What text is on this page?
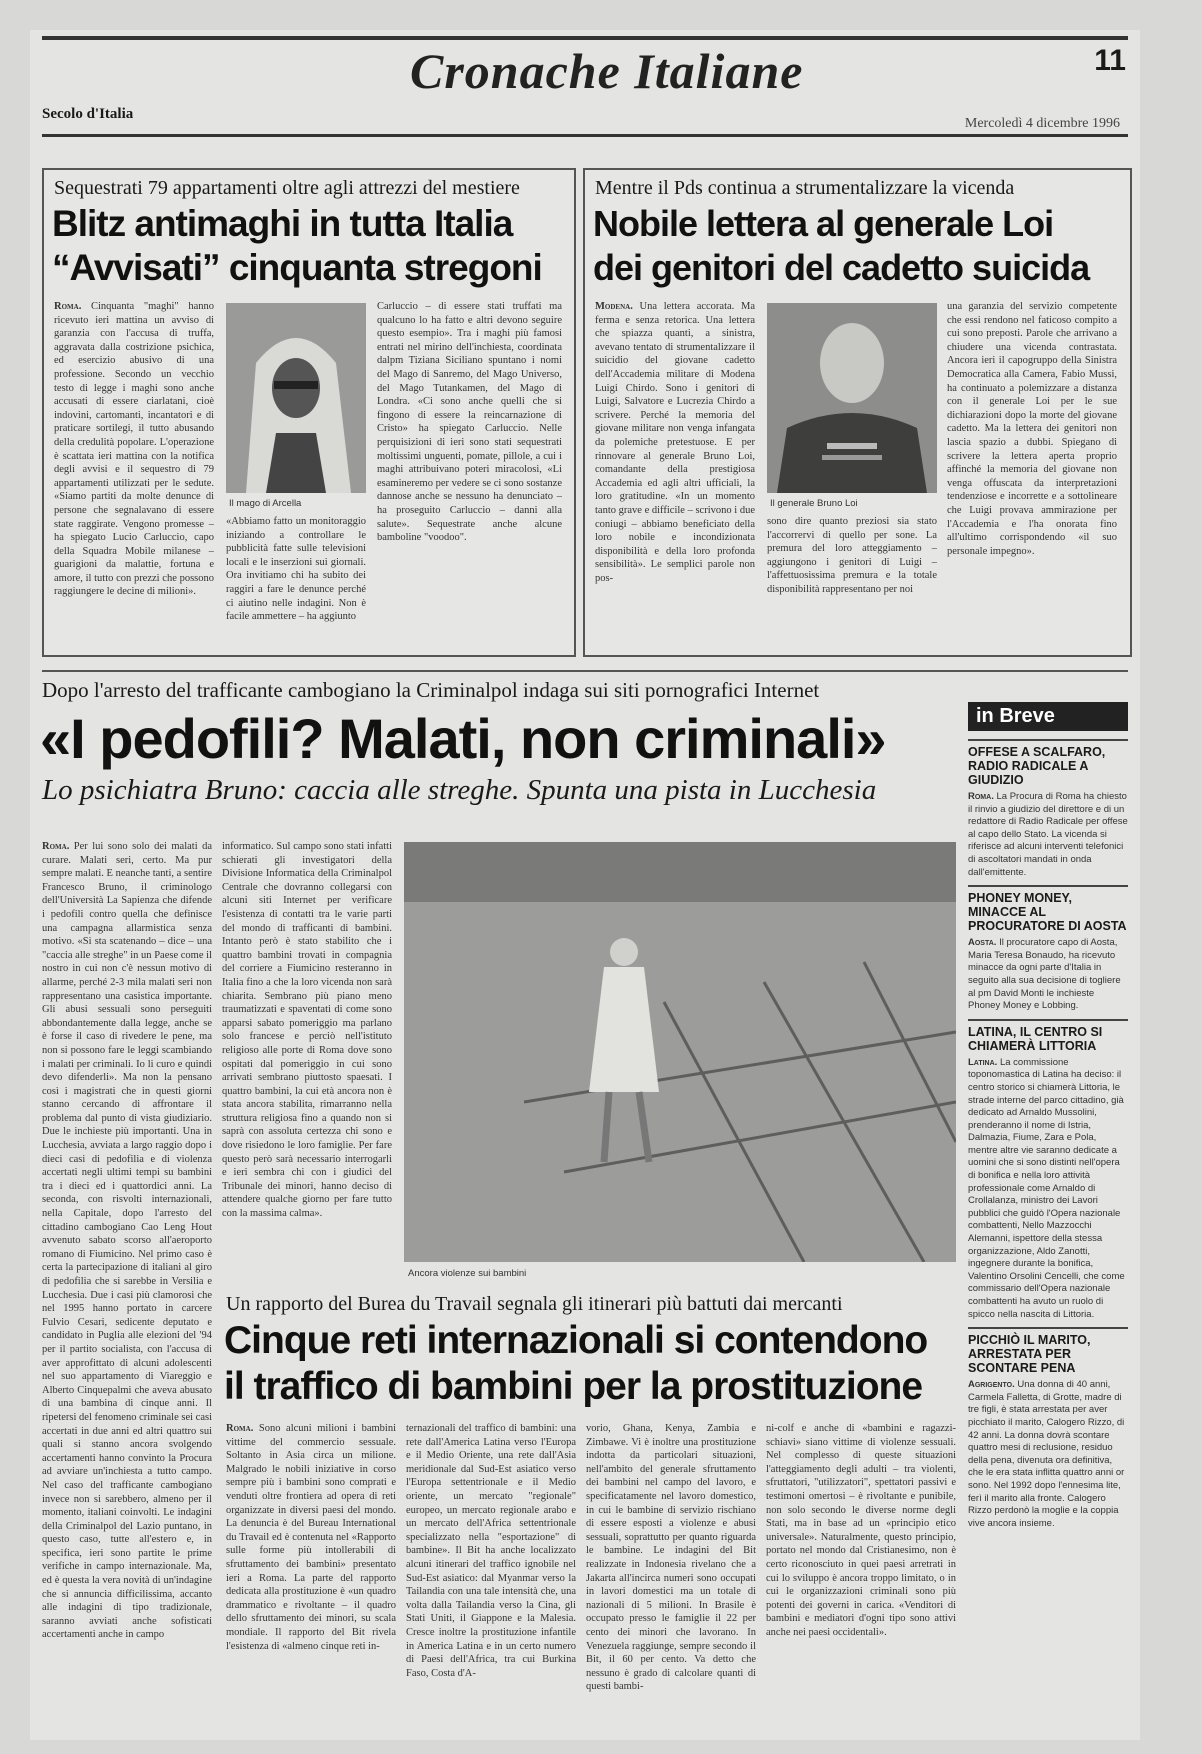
Cronache Italiane	11
Secolo d'Italia
Mercoledì 4 dicembre 1996

Sequestrati 79 appartamenti oltre agli attrezzi del mestiere

Blitz antimaghi in tutta Italia

“Avvisati” cinquanta stregoni

Roma. Cinquanta "maghi" hanno ricevuto ieri mattina un avviso di garanzia con l'accusa di truffa, aggravata dalla costrizione psichica, ed esercizio abusivo di una professione. Secondo un vecchio testo di legge i maghi sono anche accusati di essere ciarlatani, cioè indovini, cartomanti, incantatori e di praticare sortilegi, il tutto abusando della credulità popolare. L'operazione è scattata ieri mattina con la notifica degli avvisi e il sequestro di 79 appartamenti utilizzati per le sedute. «Siamo partiti da molte denunce di persone che segnalavano di essere state raggirate. Vengono promesse – ha spiegato Lucio Carluccio, capo della Squadra Mobile milanese – guarigioni da malattie, fortuna e amore, il tutto con prezzi che possono raggiungere le decine di milioni».
Il mago di Arcella
«Abbiamo fatto un monitoraggio iniziando a controllare le pubblicità fatte sulle televisioni locali e le inserzioni sui giornali. Ora invitiamo chi ha subito dei raggiri a fare le denunce perché ci aiutino nelle indagini. Non è facile ammettere – ha aggiunto
Carluccio – di essere stati truffati ma qualcuno lo ha fatto e altri devono seguire questo esempio». Tra i maghi più famosi entrati nel mirino dell'inchiesta, coordinata dalpm Tiziana Siciliano spuntano i nomi del Mago di Sanremo, del Mago Universo, del Mago Tutankamen, del Mago di Londra. «Ci sono anche quelli che si fingono di essere la reincarnazione di Cristo» ha spiegato Carluccio. Nelle perquisizioni di ieri sono stati sequestrati moltissimi unguenti, pomate, pillole, a cui i maghi attribuivano poteri miracolosi, «Li esamineremo per vedere se ci sono sostanze dannose anche se nessuno ha denunciato – ha proseguito Carluccio – danni alla salute». Sequestrate anche alcune bamboline "voodoo".

Mentre il Pds continua a strumentalizzare la vicenda

Nobile lettera al generale Loi

dei genitori del cadetto suicida

Modena. Una lettera accorata. Ma ferma e senza retorica. Una lettera che spiazza quanti, a sinistra, avevano tentato di strumentalizzare il suicidio del giovane cadetto dell'Accademia militare di Modena Luigi Chirdo. Sono i genitori di Luigi, Salvatore e Lucrezia Chirdo a scrivere. Perché la memoria del giovane militare non venga infangata da polemiche pretestuose. E per rinnovare al generale Bruno Loi, comandante della prestigiosa Accademia ed agli altri ufficiali, la loro gratitudine. «In un momento tanto grave e difficile – scrivono i due coniugi – abbiamo beneficiato della loro nobile e incondizionata disponibilità e della loro profonda sensibilità». Le semplici parole non pos-
Il generale Bruno Loi
sono dire quanto preziosi sia stato l'accorrervi di quello per sone. La premura del loro atteggiamento – aggiungono i genitori di Luigi – l'affettuosissima premura e la totale disponibilità rappresentano per noi
una garanzia del servizio competente che essi rendono nel faticoso compito a cui sono preposti. Parole che arrivano a chiudere una vicenda contrastata. Ancora ieri il capogruppo della Sinistra Democratica alla Camera, Fabio Mussi, ha continuato a polemizzare a distanza con il generale Loi per le sue dichiarazioni dopo la morte del giovane cadetto. Ma la lettera dei genitori non lascia spazio a dubbi. Spiegano di scrivere la lettera aperta proprio affinché la memoria del giovane non venga offuscata da interpretazioni tendenziose e incorrette e a sottolineare che Luigi provava ammirazione per l'Accademia e l'ha onorata fino all'ultimo corrispondendo «il suo personale impegno».

Dopo l'arresto del trafficante cambogiano la Criminalpol indaga sui siti pornografici Internet

«I pedofili? Malati, non criminali»

Lo psichiatra Bruno: caccia alle streghe. Spunta una pista in Lucchesia

Roma. Per lui sono solo dei malati da curare. Malati seri, certo. Ma pur sempre malati. E neanche tanti, a sentire Francesco Bruno, il criminologo dell'Università La Sapienza che difende i pedofili contro quella che definisce una campagna allarmistica senza motivo. «Si sta scatenando – dice – una "caccia alle streghe" in un Paese come il nostro in cui non c'è nessun motivo di allarme, perché 2-3 mila malati seri non rappresentano una casistica importante. Gli abusi sessuali sono perseguiti abbondantemente dalla legge, anche se è forse il caso di rivedere le pene, ma non si possono fare le leggi scambiando i malati per criminali. Io li curo e quindi devo difenderli». Ma non la pensano così i magistrati che in questi giorni stanno cercando di affrontare il problema dal punto di vista giudiziario. Due le inchieste più importanti. Una in Lucchesia, avviata a largo raggio dopo i dieci casi di pedofilia e di violenza accertati negli ultimi tempi su bambini tra i dieci ed i quattordici anni. La seconda, con risvolti internazionali, nella Capitale, dopo l'arresto del cittadino cambogiano Cao Leng Hout avvenuto sabato scorso all'aeroporto romano di Fiumicino. Nel primo caso è certa la partecipazione di italiani al giro di pedofilia che si sarebbe in Versilia e Lucchesia. Due i casi più clamorosi che nel 1995 hanno portato in carcere Fulvio Cesari, sedicente deputato e candidato in Puglia alle elezioni del '94 per il partito socialista, con l'accusa di aver approfittato di alcuni adolescenti nel suo appartamento di Viareggio e Alberto Cinquepalmi che aveva abusato di una bambina di cinque anni. Il ripetersi del fenomeno criminale sei casi accertati in due anni ed altri quattro sui quali si stanno ancora svolgendo accertamenti hanno convinto la Procura ad avviare un'inchiesta a tutto campo. Nel caso del trafficante cambogiano invece non si sarebbero, almeno per il momento, italiani coinvolti. Le indagini della Criminalpol del Lazio puntano, in questo caso, tutte all'estero e, in specifica, ieri sono partite le prime verifiche in campo internazionale. Ma, ed è questa la vera novità di un'indagine che si annuncia difficilissima, accanto alle indagini di tipo tradizionale, saranno avviati anche sofisticati accertamenti anche in campo
informatico. Sul campo sono stati infatti schierati gli investigatori della Divisione Informatica della Criminalpol Centrale che dovranno collegarsi con alcuni siti Internet per verificare l'esistenza di contatti tra le varie parti del mondo di trafficanti di bambini. Intanto però è stato stabilito che i quattro bambini trovati in compagnia del corriere a Fiumicino resteranno in Italia fino a che la loro vicenda non sarà chiarita. Sembrano più piano meno traumatizzati e spaventati di come sono apparsi sabato pomeriggio ma parlano solo francese e perciò nell'istituto religioso alle porte di Roma dove sono ospitati dal pomeriggio in cui sono arrivati sembrano piuttosto spaesati. I quattro bambini, la cui età ancora non è stata ancora stabilita, rimarranno nella struttura religiosa fino a quando non si saprà con assoluta certezza chi sono e dove risiedono le loro famiglie. Per fare questo però sarà necessario interrogarli e ieri sembra chi con i giudici del Tribunale dei minori, hanno deciso di attendere qualche giorno per fare tutto con la massima calma».
Ancora violenze sui bambini

Un rapporto del Burea du Travail segnala gli itinerari più battuti dai mercanti

Cinque reti internazionali si contendono

il traffico di bambini per la prostituzione

Roma. Sono alcuni milioni i bambini vittime del commercio sessuale. Soltanto in Asia circa un milione. Malgrado le nobili iniziative in corso sempre più i bambini sono comprati e venduti oltre frontiera ad opera di reti organizzate in diversi paesi del mondo. La denuncia è del Bureau International du Travail ed è contenuta nel «Rapporto sulle forme più intollerabili di sfruttamento dei bambini» presentato ieri a Roma. La parte del rapporto dedicata alla prostituzione è «un quadro drammatico e rivoltante – il quadro dello sfruttamento dei minori, su scala mondiale. Il rapporto del Bit rivela l'esistenza di «almeno cinque reti in-
ternazionali del traffico di bambini: una rete dall'America Latina verso l'Europa e il Medio Oriente, una rete dall'Asia meridionale dal Sud-Est asiatico verso l'Europa settentrionale e il Medio oriente, un mercato "regionale" europeo, un mercato regionale arabo e un mercato dell'Africa settentrionale specializzato nella "esportazione" di bambine». Il Bit ha anche localizzato alcuni itinerari del traffico ignobile nel Sud-Est asiatico: dal Myanmar verso la Tailandia con una tale intensità che, una volta dalla Tailandia verso la Cina, gli Stati Uniti, il Giappone e la Malesia. Cresce inoltre la prostituzione infantile in America Latina e in un certo numero di Paesi dell'Africa, tra cui Burkina Faso, Costa d'A-
vorio, Ghana, Kenya, Zambia e Zimbawe. Vi è inoltre una prostituzione indotta da particolari situazioni, nell'ambito del generale sfruttamento dei bambini nel campo del lavoro, e specificatamente nel lavoro domestico, in cui le bambine di servizio rischiano di essere esposti a violenze e abusi sessuali, soprattutto per quanto riguarda le bambine. Le indagini del Bit realizzate in Indonesia rivelano che a Jakarta all'incirca numeri sono occupati in lavori domestici ma un totale di nazionali di 5 milioni. In Brasile è occupato presso le famiglie il 22 per cento dei minori che lavorano. In Venezuela raggiunge, sempre secondo il Bit, il 60 per cento. Va detto che nessuno è grado di calcolare quanti di questi bambi-
ni-colf e anche di «bambini e ragazzi-schiavi» siano vittime di violenze sessuali. Nel complesso di queste situazioni l'atteggiamento degli adulti – tra violenti, sfruttatori, "utilizzatori", spettatori passivi e testimoni omertosi – è rivoltante e punibile, non solo secondo le diverse norme degli Stati, ma in base ad un «principio etico universale». Naturalmente, questo principio, portato nel mondo dal Cristianesimo, non è certo riconosciuto in quei paesi arretrati in cui lo sviluppo è ancora troppo limitato, o in cui le organizzazioni criminali sono più potenti dei governi in carica. «Venditori di bambini e mediatori d'ogni tipo sono attivi anche nei paesi occidentali».
in Breve
OFFESE A SCALFARO, RADIO RADICALE A GIUDIZIO

Roma. La Procura di Roma ha chiesto il rinvio a giudizio del direttore e di un redattore di Radio Radicale per offese al capo dello Stato. La vicenda si riferisce ad alcuni interventi telefonici di ascoltatori mandati in onda dall'emittente.

PHONEY MONEY, MINACCE AL PROCURATORE DI AOSTA

Aosta. Il procuratore capo di Aosta, Maria Teresa Bonaudo, ha ricevuto minacce da ogni parte d'Italia in seguito alla sua decisione di togliere al pm David Monti le inchieste Phoney Money e Lobbing.

LATINA, IL CENTRO SI CHIAMERÀ LITTORIA

Latina. La commissione toponomastica di Latina ha deciso: il centro storico si chiamerà Littoria, le strade interne del parco cittadino, già dedicato ad Arnaldo Mussolini, prenderanno il nome di Istria, Dalmazia, Fiume, Zara e Pola, mentre altre vie saranno dedicate a uomini che si sono distinti nell'opera di bonifica e nella loro attività professionale come Arnaldo di Crollalanza, ministro dei Lavori pubblici che guidò l'Opera nazionale combattenti, Nello Mazzocchi Alemanni, ispettore della stessa organizzazione, Aldo Zanotti, ingegnere durante la bonifica, Valentino Orsolini Cencelli, che come commissario dell'Opera nazionale combattenti ha avuto un ruolo di spicco nella nascita di Littoria.

PICCHIÒ IL MARITO, ARRESTATA PER SCONTARE PENA

Agrigento. Una donna di 40 anni, Carmela Falletta, di Grotte, madre di tre figli, è stata arrestata per aver picchiato il marito, Calogero Rizzo, di 42 anni. La donna dovrà scontare quattro mesi di reclusione, residuo della pena, divenuta ora definitiva, che le era stata inflitta quattro anni or sono. Nel 1992 dopo l'ennesima lite, ferì il marito alla fronte. Calogero Rizzo perdonò la moglie e la coppia vive ancora insieme.
